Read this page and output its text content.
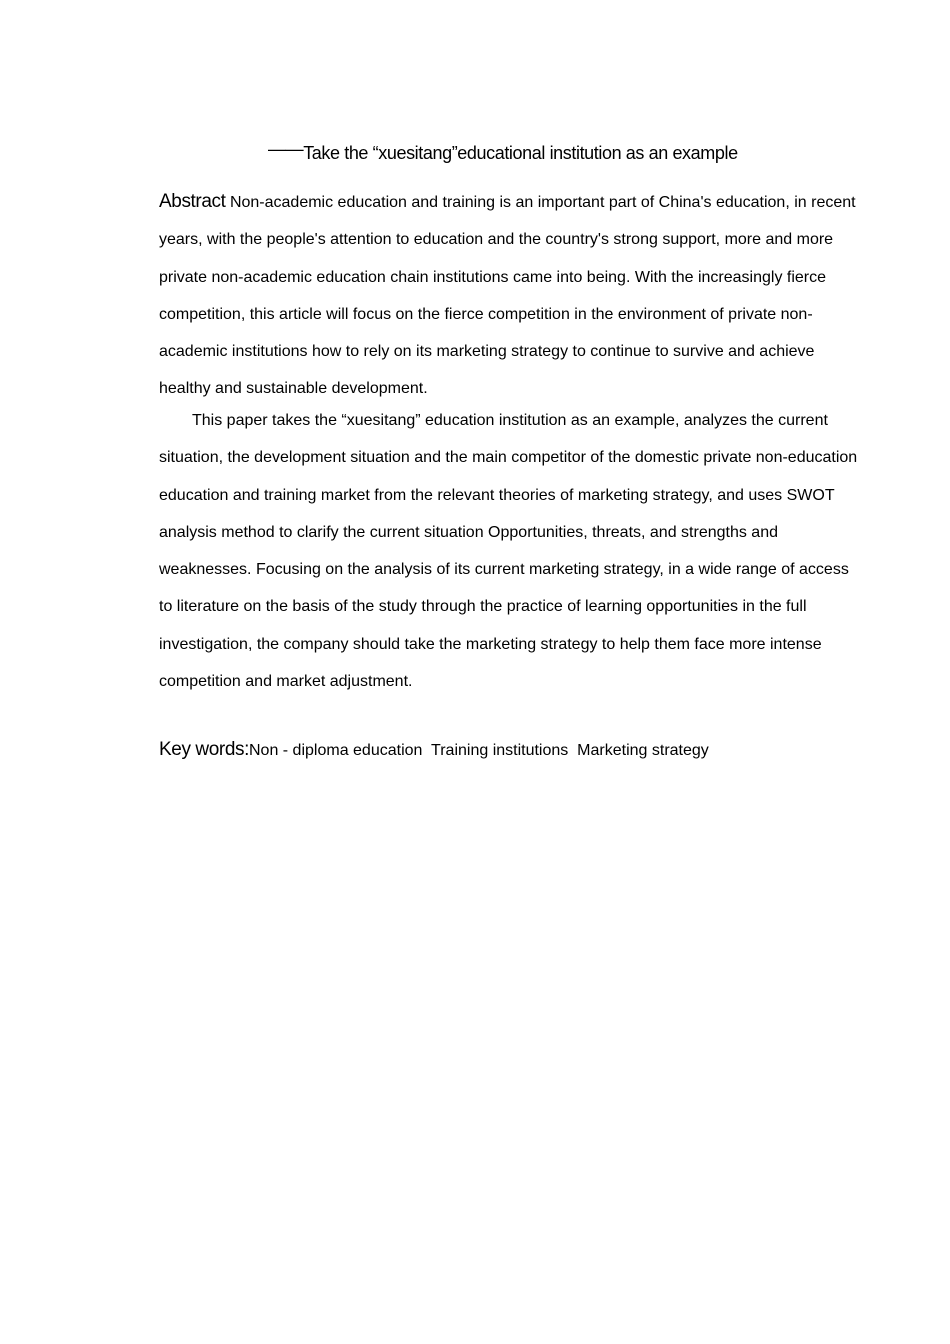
——Take the “xuesitang”educational institution as an example

Abstract Non-academic education and training is an important part of China's education, in recent years, with the people's attention to education and the country's strong support, more and more private non-academic education chain institutions came into being. With the increasingly fierce competition, this article will focus on the fierce competition in the environment of private non-academic institutions how to rely on its marketing strategy to continue to survive and achieve healthy and sustainable development.

This paper takes the “xuesitang” education institution as an example, analyzes the current situation, the development situation and the main competitor of the domestic private non-education education and training market from the relevant theories of marketing strategy, and uses SWOT analysis method to clarify the current situation Opportunities, threats, and strengths and weaknesses. Focusing on the analysis of its current marketing strategy, in a wide range of access to literature on the basis of the study through the practice of learning opportunities in the full investigation, the company should take the marketing strategy to help them face more intense competition and market adjustment.

Key words:Non - diploma education Training institutions Marketing strategy
